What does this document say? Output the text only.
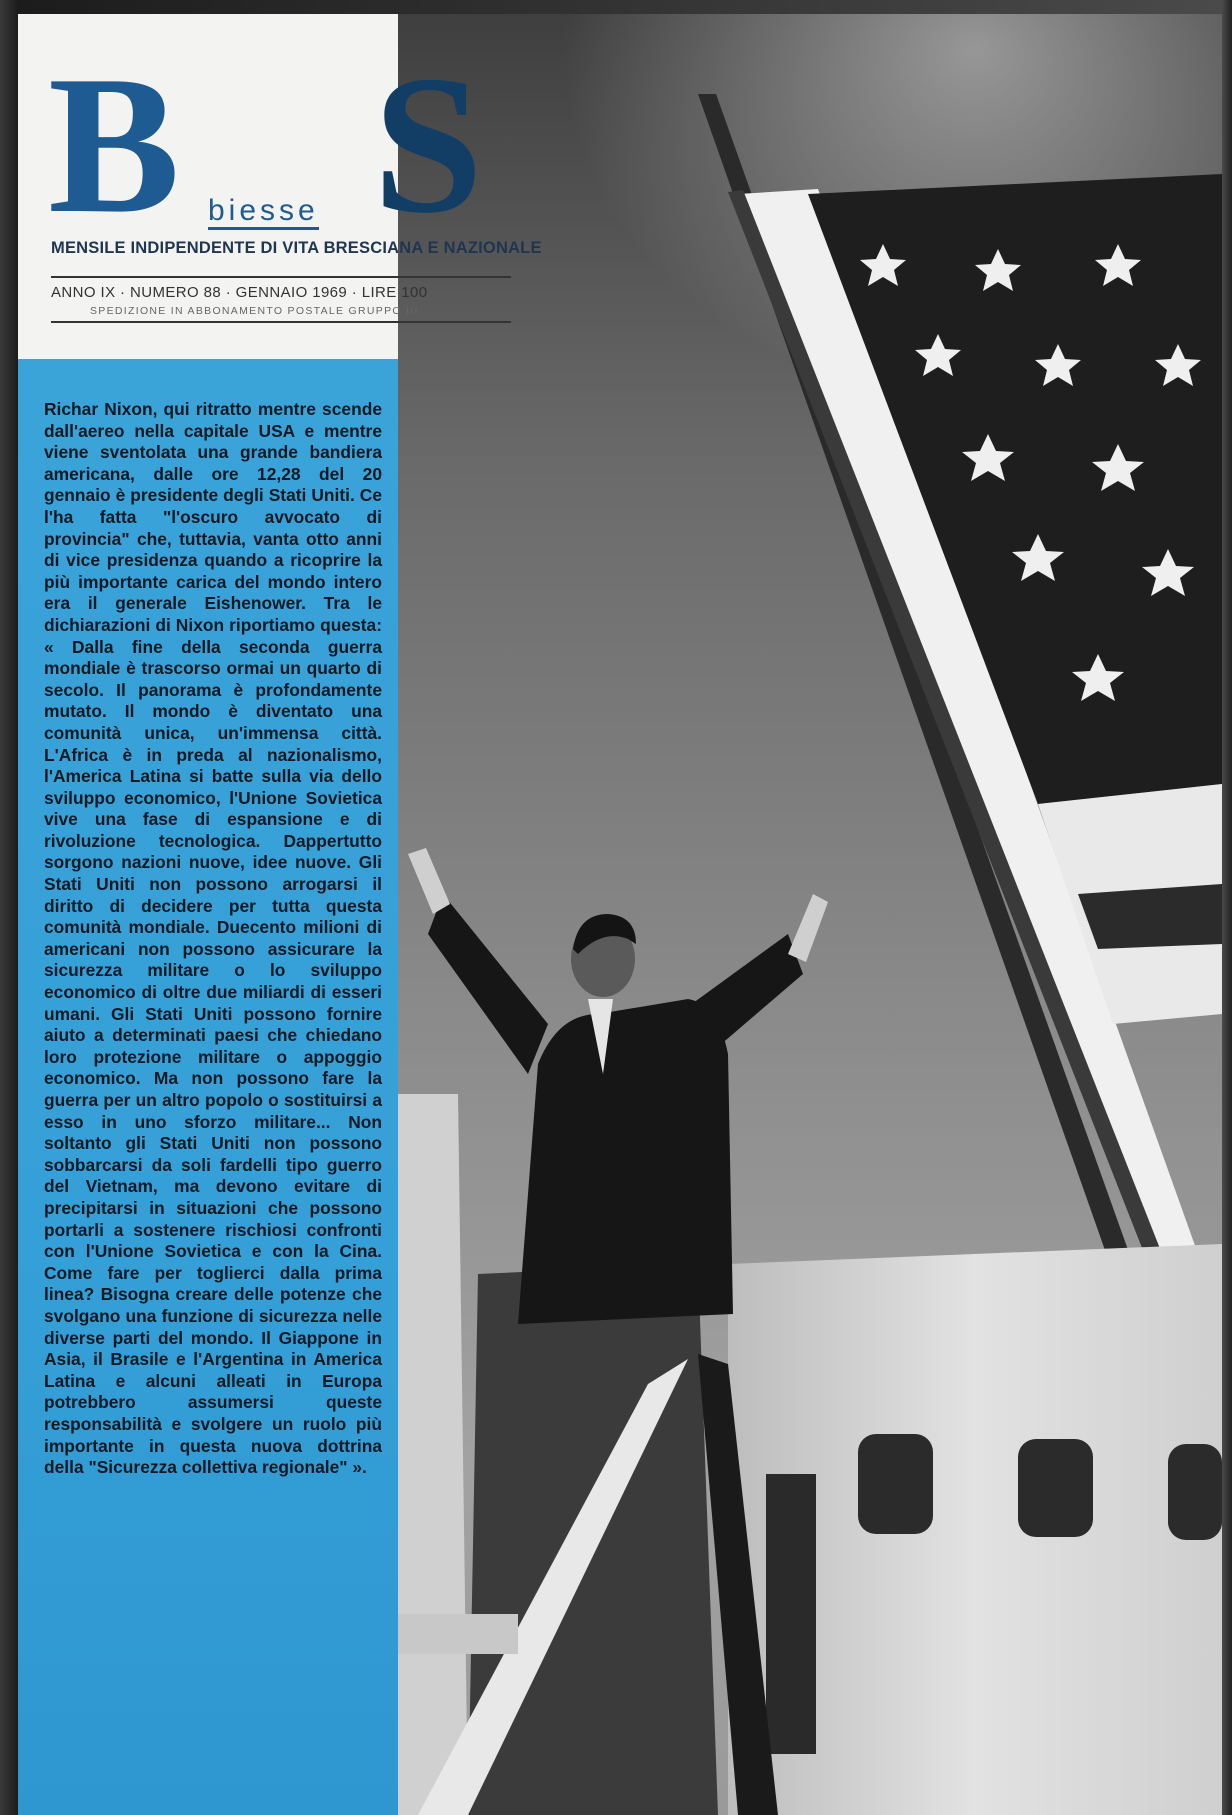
B biesse
MENSILE INDIPENDENTE DI VITA BRESCIANA E NAZIONALE
ANNO IX · NUMERO 88 · GENNAIO 1969 · LIRE 100
SPEDIZIONE IN ABBONAMENTO POSTALE GRUPPO III

Richar Nixon, qui ritratto mentre scende dall'aereo nella capitale USA e mentre viene sventolata una grande bandiera americana, dalle ore 12,28 del 20 gennaio è presidente degli Stati Uniti. Ce l'ha fatta "l'oscuro avvocato di provincia" che, tuttavia, vanta otto anni di vice presidenza quando a ricoprire la più importante carica del mondo intero era il generale Eishenower. Tra le dichiarazioni di Nixon riportiamo questa: « Dalla fine della seconda guerra mondiale è trascorso ormai un quarto di secolo. Il panorama è profondamente mutato. Il mondo è diventato una comunità unica, un'immensa città. L'Africa è in preda al nazionalismo, l'America Latina si batte sulla via dello sviluppo economico, l'Unione Sovietica vive una fase di espansione e di rivoluzione tecnologica. Dappertutto sorgono nazioni nuove, idee nuove. Gli Stati Uniti non possono arrogarsi il diritto di decidere per tutta questa comunità mondiale. Duecento milioni di americani non possono assicurare la sicurezza militare o lo sviluppo economico di oltre due miliardi di esseri umani. Gli Stati Uniti possono fornire aiuto a determinati paesi che chiedano loro protezione militare o appoggio economico. Ma non possono fare la guerra per un altro popolo o sostituirsi a esso in uno sforzo militare... Non soltanto gli Stati Uniti non possono sobbarcarsi da soli fardelli tipo guerro del Vietnam, ma devono evitare di precipitarsi in situazioni che possono portarli a sostenere rischiosi confronti con l'Unione Sovietica e con la Cina. Come fare per toglierci dalla prima linea? Bisogna creare delle potenze che svolgano una funzione di sicurezza nelle diverse parti del mondo. Il Giappone in Asia, il Brasile e l'Argentina in America Latina e alcuni alleati in Europa potrebbero assumersi queste responsabilità e svolgere un ruolo più importante in questa nuova dottrina della "Sicurezza collettiva regionale" ».

S
